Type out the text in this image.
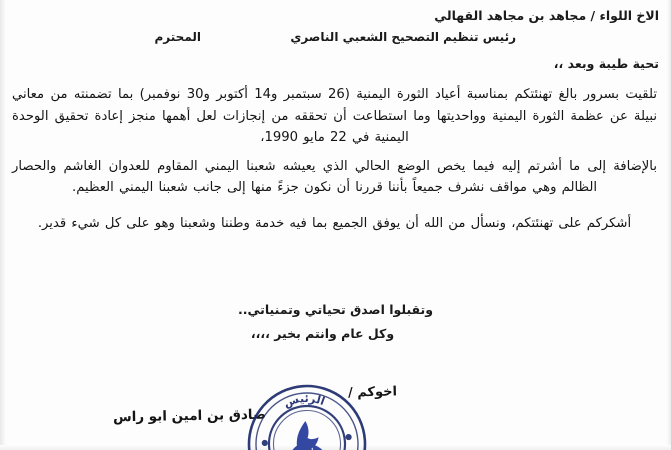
الاخ اللواء / مجاهد بن مجاهد القهالي
رئيس تنظيم التصحيح الشعبي الناصري
المحترم
تحية طيبة وبعد ،،

تلقيت بسرور بالغ تهنئتكم بمناسبة أعياد الثورة اليمنية (26 سبتمبر و14 أكتوبر و30 نوفمبر) بما تضمنته من معاني نبيلة عن عظمة الثورة اليمنية وواحديتها وما استطاعت أن تحققه من إنجازات لعل أهمها منجز إعادة تحقيق الوحدة اليمنية في 22 مايو 1990،

بالإضافة إلى ما أشرتم إليه فيما يخص الوضع الحالي الذي يعيشه شعبنا اليمني المقاوم للعدوان الغاشم والحصار الظالم وهي مواقف نشرف جميعاً بأننا قررنا أن نكون جزءً منها إلى جانب شعبنا اليمني العظيم.

أشكركم على تهنئتكم، ونسأل من الله أن يوفق الجميع بما فيه خدمة وطننا وشعبنا وهو على كل شيء قدير.

وتقبلوا اصدق تحياتي وتمنياتي..

وكل عام وانتم بخير ،،،،

اخوكم /
صادق بن امين ابو راس
الرئيس
